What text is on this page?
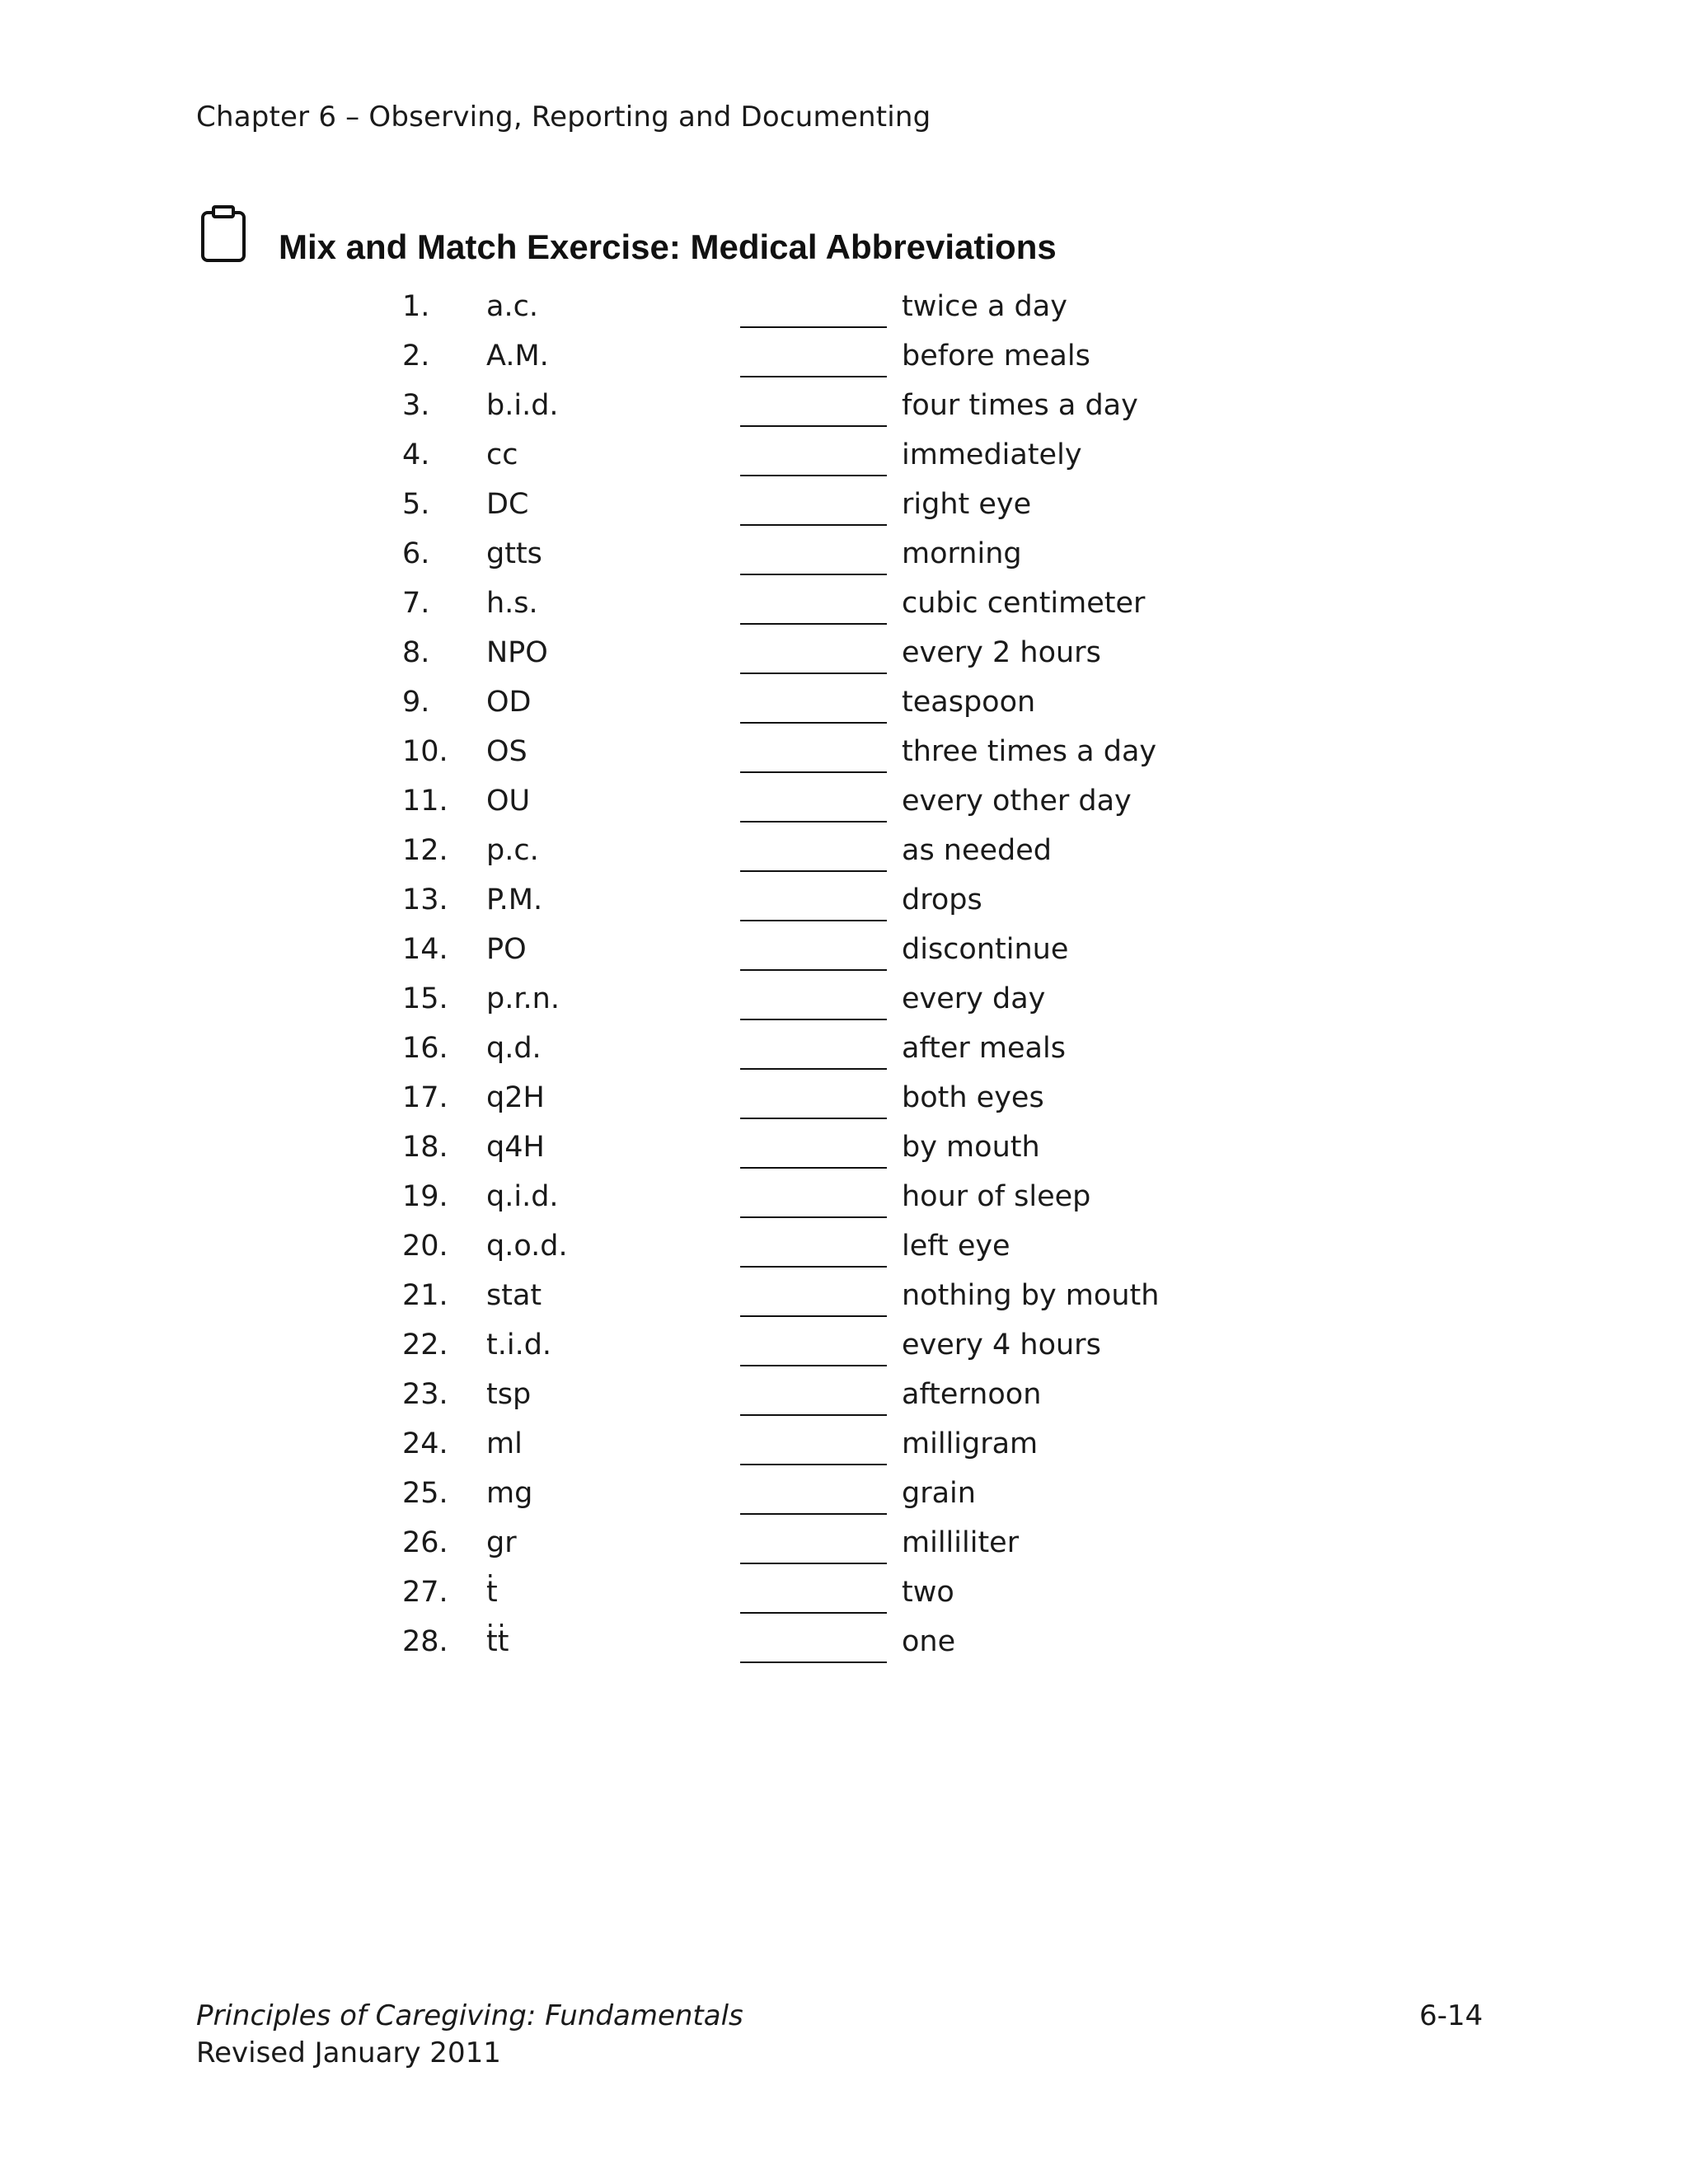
Chapter 6 – Observing, Reporting and Documenting
Mix and Match Exercise: Medical Abbreviations
1. a.c.	twice a day
2. A.M.	before meals
3. b.i.d.	four times a day
4. cc	immediately
5. DC	right eye
6. gtts	morning
7. h.s.	cubic centimeter
8. NPO	every 2 hours
9. OD	teaspoon
10. OS	three times a day
11. OU	every other day
12. p.c.	as needed
13. P.M.	drops
14. PO	discontinue
15. p.r.n.	every day
16. q.d.	after meals
17. q2H	both eyes
18. q4H	by mouth
19. q.i.d.	hour of sleep
20. q.o.d.	left eye
21. stat	nothing by mouth
22. t.i.d.	every 4 hours
23. tsp	afternoon
24. ml	milligram
25. mg	grain
26. gr	milliliter
27. ṫ	two
28. ṫṫ	one
Principles of Caregiving: Fundamentals
Revised January 2011
6-14
